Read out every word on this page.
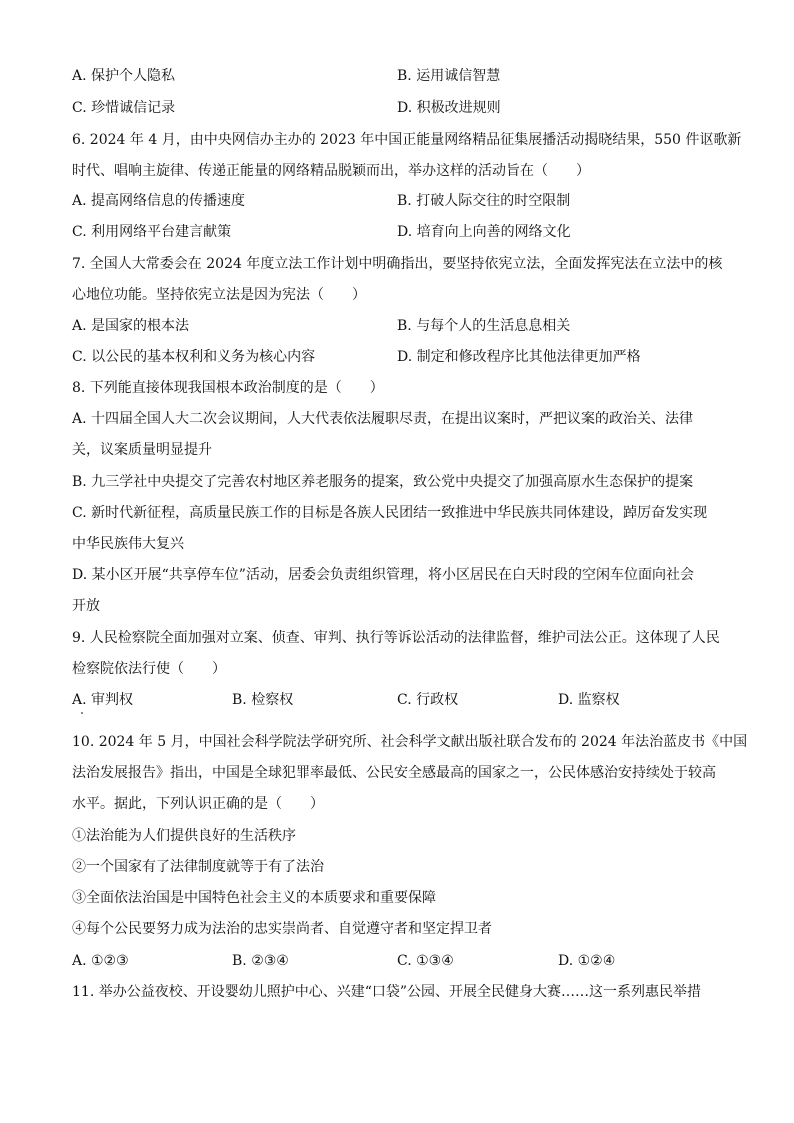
A. 保护个人隐私	B. 运用诚信智慧
C. 珍惜诚信记录	D. 积极改进规则
6. 2024 年 4 月，由中央网信办主办的 2023 年中国正能量网络精品征集展播活动揭晓结果，550 件讴歌新
时代、唱响主旋律、传递正能量的网络精品脱颖而出，举办这样的活动旨在（　　）
A. 提高网络信息的传播速度	B. 打破人际交往的时空限制
C. 利用网络平台建言献策	D. 培育向上向善的网络文化
7. 全国人大常委会在 2024 年度立法工作计划中明确指出，要坚持依宪立法，全面发挥宪法在立法中的核
心地位功能。坚持依宪立法是因为宪法（　　）
A. 是国家的根本法	B. 与每个人的生活息息相关
C. 以公民的基本权利和义务为核心内容	D. 制定和修改程序比其他法律更加严格
8. 下列能直接体现我国根本政治制度的是（　　）
A. 十四届全国人大二次会议期间，人大代表依法履职尽责，在提出议案时，严把议案的政治关、法律
关，议案质量明显提升
B. 九三学社中央提交了完善农村地区养老服务的提案，致公党中央提交了加强高原水生态保护的提案
C. 新时代新征程，高质量民族工作的目标是各族人民团结一致推进中华民族共同体建设，踔厉奋发实现
中华民族伟大复兴
D. 某小区开展“共享停车位”活动，居委会负责组织管理，将小区居民在白天时段的空闲车位面向社会
开放
9. 人民检察院全面加强对立案、侦查、审判、执行等诉讼活动的法律监督，维护司法公正。这体现了人民
检察院依法行使（　　）
A. 审判权	B. 检察权	C. 行政权	D. 监察权
10. 2024 年 5 月，中国社会科学院法学研究所、社会科学文献出版社联合发布的 2024 年法治蓝皮书《中国
法治发展报告》指出，中国是全球犯罪率最低、公民安全感最高的国家之一，公民体感治安持续处于较高
水平。据此，下列认识正确的是（　　）
①法治能为人们提供良好的生活秩序
②一个国家有了法律制度就等于有了法治
③全面依法治国是中国特色社会主义的本质要求和重要保障
④每个公民要努力成为法治的忠实崇尚者、自觉遵守者和坚定捍卫者
A. ①②③	B. ②③④	C. ①③④	D. ①②④
11. 举办公益夜校、开设婴幼儿照护中心、兴建“口袋”公园、开展全民健身大赛……这一系列惠民举措
